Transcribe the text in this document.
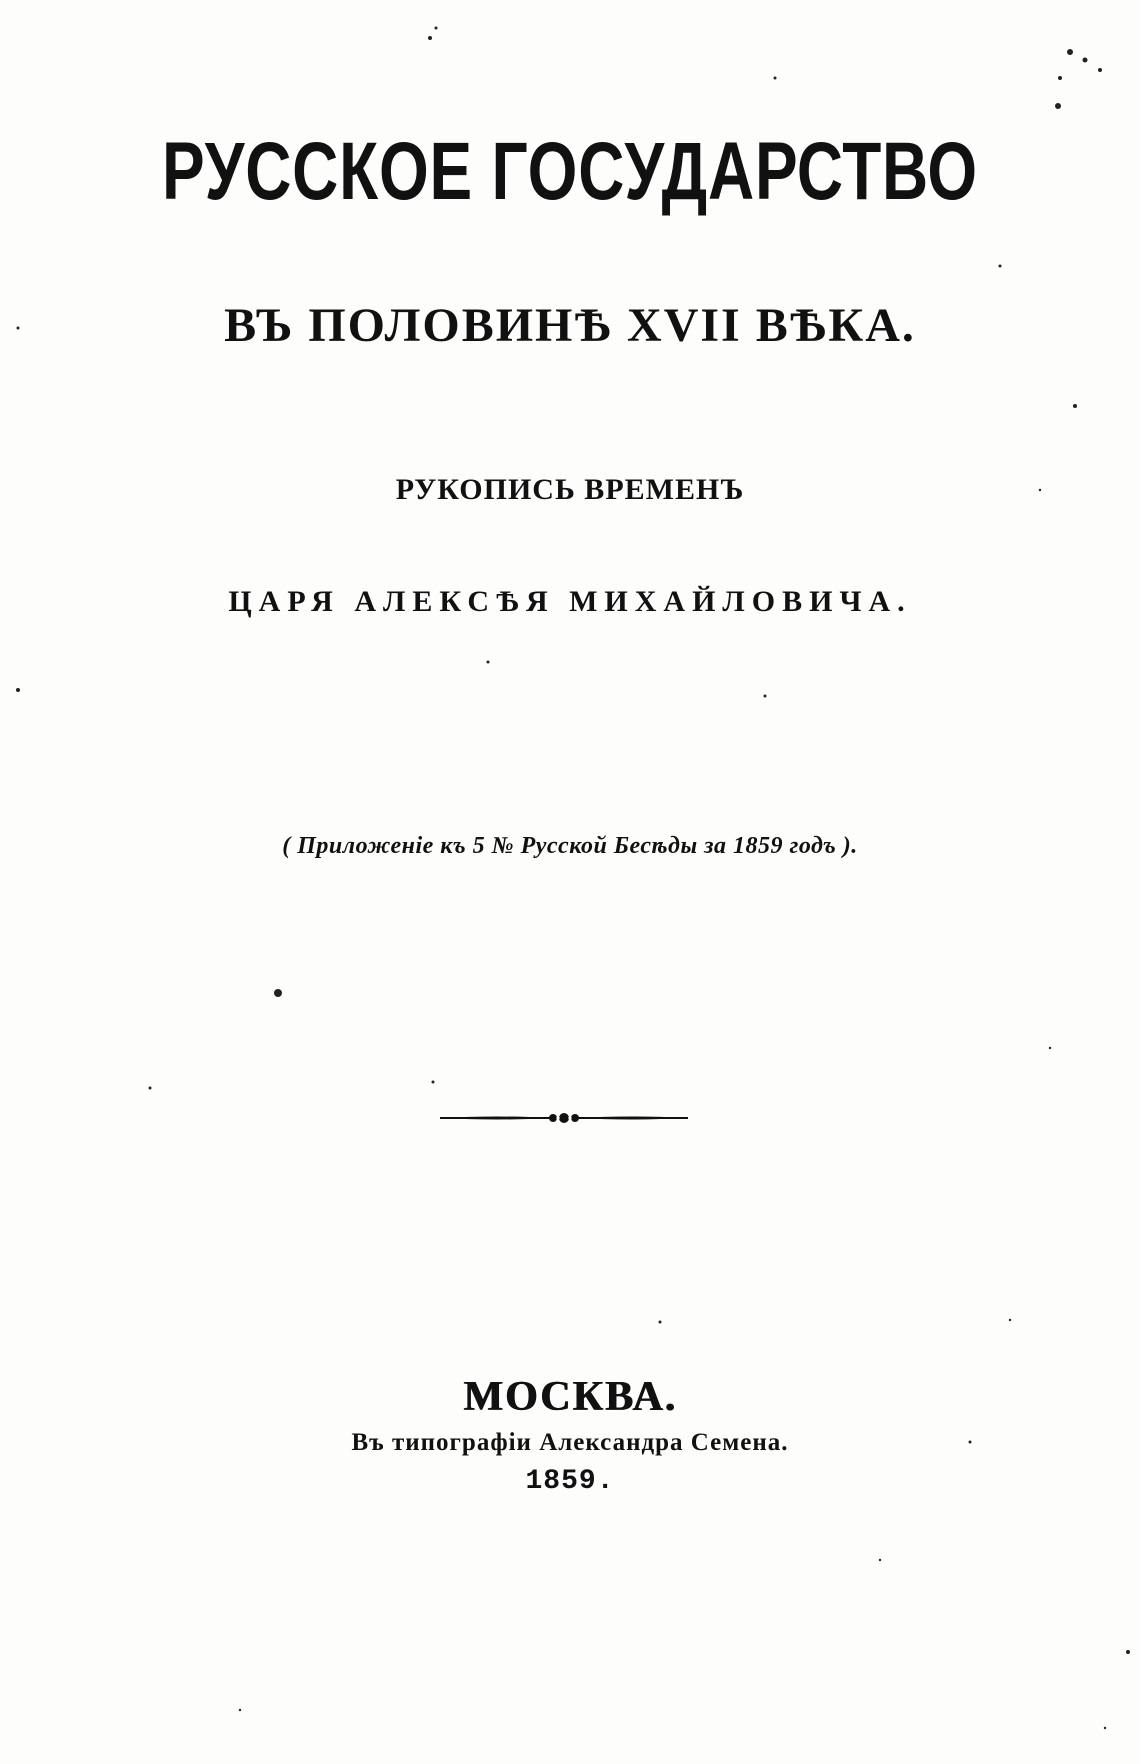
РУССКОЕ ГОСУДАРСТВО
ВЪ ПОЛОВИНѢ XVII ВѢКА.
РУКОПИСЬ ВРЕМЕНЪ
ЦАРЯ АЛЕКСѢЯ МИХАЙЛОВИЧА.
( Приложеніе къ 5 № Русской Бесѣды за 1859 годъ ).
МОСКВА.
Въ типографіи Александра Семена.
1859.
